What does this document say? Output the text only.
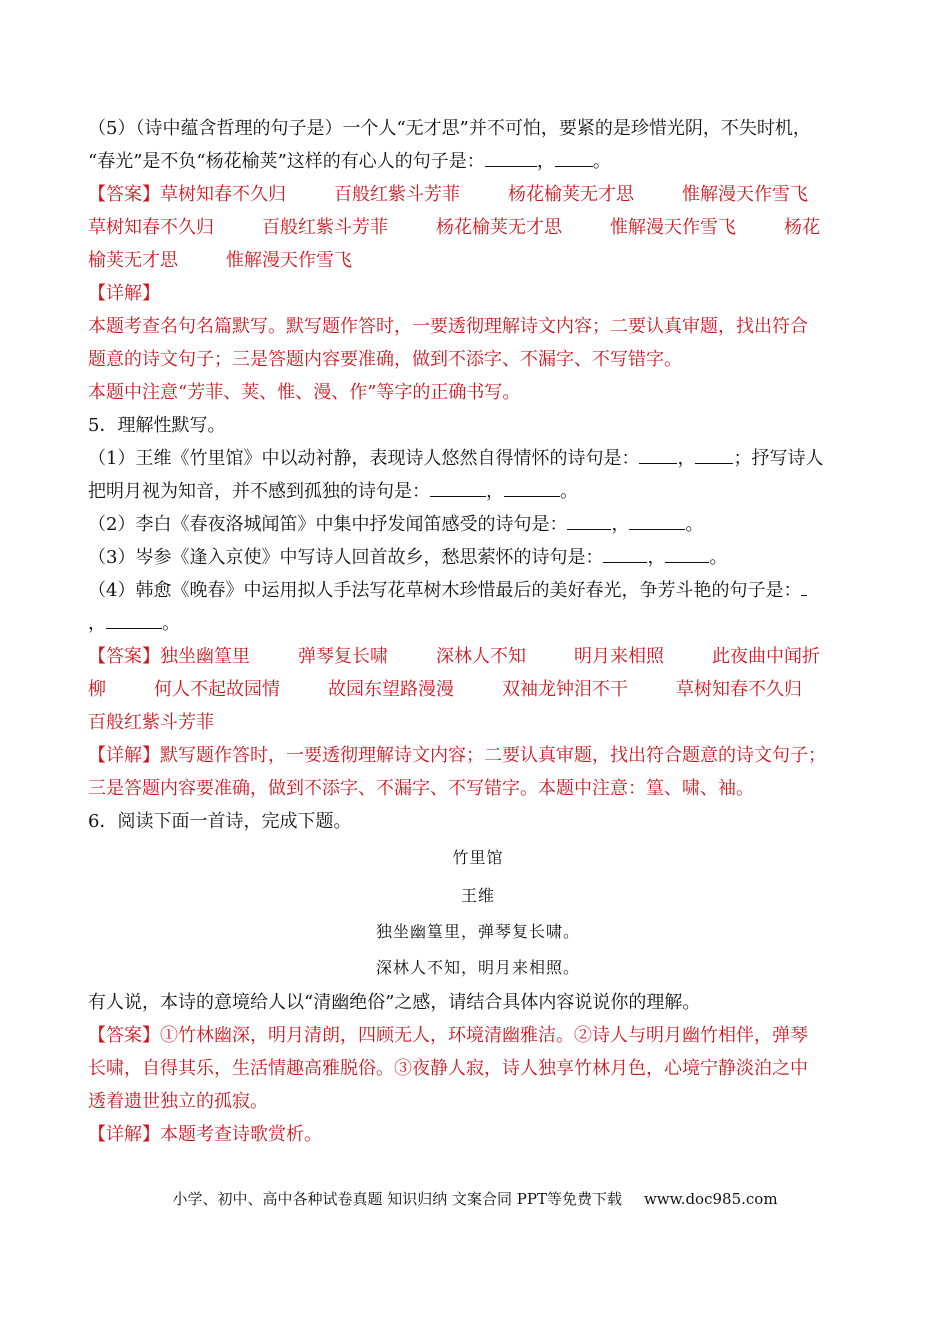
（5）（诗中蕴含哲理的句子是）一个人“无才思”并不可怕，要紧的是珍惜光阴，不失时机，
“春光”是不负“杨花榆荚”这样的有心人的句子是：	， 。
【答案】草树知春不久归	百般红紫斗芳菲	杨花榆荚无才思	惟解漫天作雪飞
草树知春不久归	百般红紫斗芳菲	杨花榆荚无才思	惟解漫天作雪飞	杨花
榆荚无才思	惟解漫天作雪飞
【详解】
本题考查名句名篇默写。默写题作答时，一要透彻理解诗文内容；二要认真审题，找出符合
题意的诗文句子；三是答题内容要准确，做到不添字、不漏字、不写错字。
本题中注意“芳菲、荚、惟、漫、作”等字的正确书写。
5．理解性默写。
（1）王维《竹里馆》中以动衬静，表现诗人悠然自得情怀的诗句是： ， ；抒写诗人
把明月视为知音，并不感到孤独的诗句是：	，	。
（2）李白《春夜洛城闻笛》中集中抒发闻笛感受的诗句是： ，	。
（3）岑参《逢入京使》中写诗人回首故乡，愁思萦怀的诗句是： ， 。
（4）韩愈《晚春》中运用拟人手法写花草树木珍惜最后的美好春光，争芳斗艳的句子是：
，	。
【答案】独坐幽篁里	弹琴复长啸	深林人不知	明月来相照	此夜曲中闻折
柳	何人不起故园情	故园东望路漫漫	双袖龙钟泪不干	草树知春不久归
百般红紫斗芳菲
【详解】默写题作答时，一要透彻理解诗文内容；二要认真审题，找出符合题意的诗文句子；
三是答题内容要准确，做到不添字、不漏字、不写错字。本题中注意：篁、啸、袖。
6．阅读下面一首诗，完成下题。
竹里馆
王维
独坐幽篁里，弹琴复长啸。
深林人不知，明月来相照。
有人说，本诗的意境给人以“清幽绝俗”之感，请结合具体内容说说你的理解。
【答案】①竹林幽深，明月清朗，四顾无人，环境清幽雅洁。②诗人与明月幽竹相伴，弹琴
长啸，自得其乐，生活情趣高雅脱俗。③夜静人寂，诗人独享竹林月色，心境宁静淡泊之中
透着遗世独立的孤寂。
【详解】本题考查诗歌赏析。
小学、初中、高中各种试卷真题 知识归纳 文案合同 PPT等免费下载 www.doc985.com
